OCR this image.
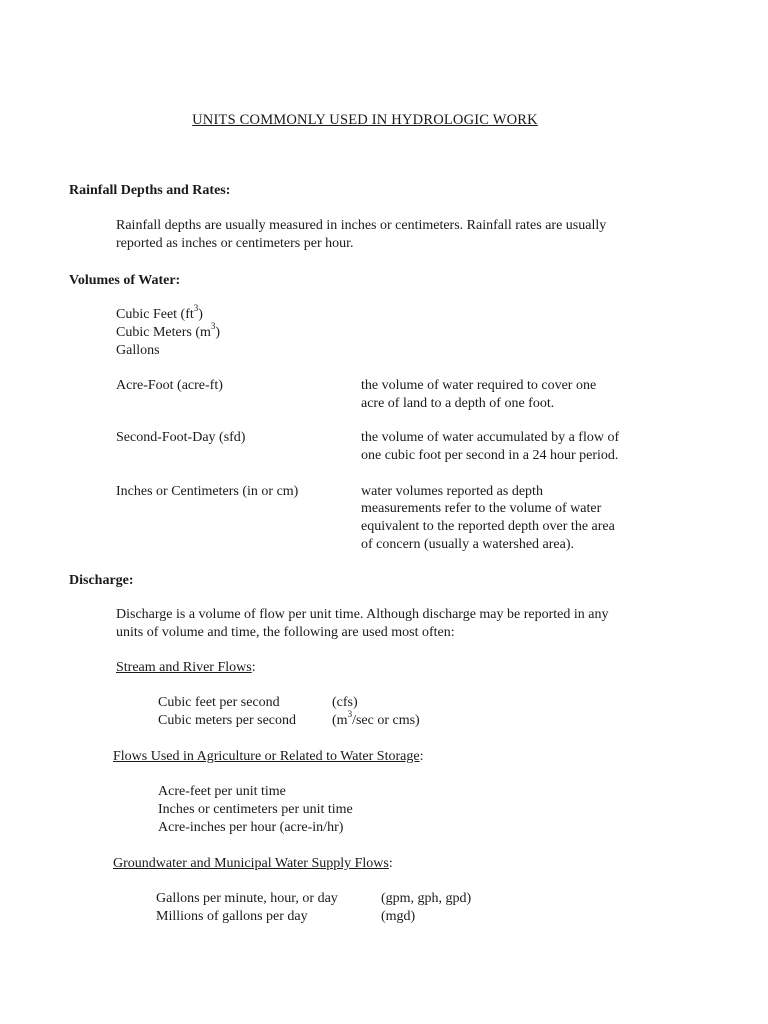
UNITS COMMONLY USED IN HYDROLOGIC WORK
Rainfall Depths and Rates:
Rainfall depths are usually measured in inches or centimeters. Rainfall rates are usually
reported as inches or centimeters per hour.
Volumes of Water:
Cubic Feet $(ft^3)$
Cubic Meters $(m^3)$
Gallons
Acre-Foot (acre-ft)	the volume of water required to cover one
acre of land to a depth of one foot.
Second-Foot-Day (sfd)	the volume of water accumulated by a flow of
one cubic foot per second in a 24 hour period.
Inches or Centimeters (in or cm)	water volumes reported as depth
measurements refer to the volume of water
equivalent to the reported depth over the area
of concern (usually a watershed area).
Discharge:
Discharge is a volume of flow per unit time. Although discharge may be reported in any
units of volume and time, the following are used most often:
Stream and River Flows:
Cubic feet per second	(cfs)
Cubic meters per second	($m^3/\sec$ or cms)
Flows Used in Agriculture or Related to Water Storage:
Acre-feet per unit time
Inches or centimeters per unit time
Acre-inches per hour (acre-in/hr)
Groundwater and Municipal Water Supply Flows:
Gallons per minute, hour, or day	(gpm, gph, gpd)
Millions of gallons per day	(mgd)
